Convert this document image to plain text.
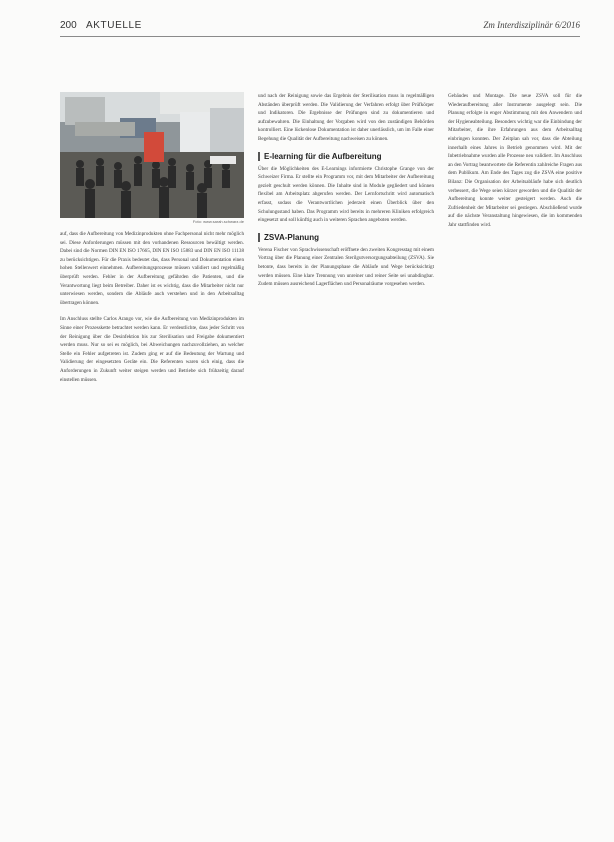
200 AKTUELLE	Zm Interdisziplinär 6/2016
Foto: www.sarah.schwarz.de

auf, dass die Aufbereitung von Medizinprodukten ohne Fachpersonal nicht mehr möglich sei. Diese Anforderungen müssen mit den vorhandenen Ressourcen bewältigt werden. Dabei sind die Normen DIN EN ISO 17665, DIN EN ISO 15883 und DIN EN ISO 11138 zu berücksichtigen. Für die Praxis bedeutet das, dass Personal und Dokumentation einen hohen Stellenwert einnehmen. Aufbereitungsprozesse müssen validiert und regelmäßig überprüft werden. Fehler in der Aufbereitung gefährden die Patienten, und die Verantwortung liegt beim Betreiber. Daher ist es wichtig, dass die Mitarbeiter nicht nur unterwiesen werden, sondern die Abläufe auch verstehen und in den Arbeitsalltag übertragen können.

Im Anschluss stellte Carlos Arango vor, wie die Aufbereitung von Medizinprodukten im Sinne einer Prozesskette betrachtet werden kann. Er verdeutlichte, dass jeder Schritt von der Reinigung über die Desinfektion bis zur Sterilisation und Freigabe dokumentiert werden muss. Nur so sei es möglich, bei Abweichungen nachzuvollziehen, an welcher Stelle ein Fehler aufgetreten ist. Zudem ging er auf die Bedeutung der Wartung und Validierung der eingesetzten Geräte ein. Die Referenten waren sich einig, dass die Anforderungen in Zukunft weiter steigen werden und Betriebe sich frühzeitig darauf einstellen müssen.

und nach der Reinigung sowie das Ergebnis der Sterilisation muss in regelmäßigen Abständen überprüft werden. Die Validierung der Verfahren erfolgt über Prüfkörper und Indikatoren. Die Ergebnisse der Prüfungen sind zu dokumentieren und aufzubewahren. Die Einhaltung der Vorgaben wird von den zuständigen Behörden kontrolliert. Eine lückenlose Dokumentation ist daher unerlässlich, um im Falle einer Begehung die Qualität der Aufbereitung nachweisen zu können.

E-learning für die Aufbereitung

Über die Möglichkeiten des E-Learnings informierte Christophe Grange von der Schweizer Firma. Er stellte ein Programm vor, mit dem Mitarbeiter der Aufbereitung gezielt geschult werden können. Die Inhalte sind in Module gegliedert und können flexibel am Arbeitsplatz abgerufen werden. Der Lernfortschritt wird automatisch erfasst, sodass die Verantwortlichen jederzeit einen Überblick über den Schulungsstand haben. Das Programm wird bereits in mehreren Kliniken erfolgreich eingesetzt und soll künftig auch in weiteren Sprachen angeboten werden.

ZSVA-Planung

Verena Fischer von Sprachwissenschaft eröffnete den zweiten Kongresstag mit einem Vortrag über die Planung einer Zentralen Sterilgutversorgungsabteilung (ZSVA). Sie betonte, dass bereits in der Planungsphase die Abläufe und Wege berücksichtigt werden müssen. Eine klare Trennung von unreiner und reiner Seite sei unabdingbar. Zudem müssen ausreichend Lagerflächen und Personalräume vorgesehen werden.

Gebäudes und Montage. Die neue ZSVA soll für die Wiederaufbereitung aller Instrumente ausgelegt sein. Die Planung erfolgte in enger Abstimmung mit den Anwendern und der Hygieneabteilung. Besonders wichtig war die Einbindung der Mitarbeiter, die ihre Erfahrungen aus dem Arbeitsalltag einbringen konnten. Der Zeitplan sah vor, dass die Abteilung innerhalb eines Jahres in Betrieb genommen wird. Mit der Inbetriebnahme wurden alle Prozesse neu validiert. Im Anschluss an den Vortrag beantwortete die Referentin zahlreiche Fragen aus dem Publikum. Am Ende des Tages zog die ZSVA eine positive Bilanz: Die Organisation der Arbeitsabläufe habe sich deutlich verbessert, die Wege seien kürzer geworden und die Qualität der Aufbereitung konnte weiter gesteigert werden. Auch die Zufriedenheit der Mitarbeiter sei gestiegen. Abschließend wurde auf die nächste Veranstaltung hingewiesen, die im kommenden Jahr stattfinden wird.
